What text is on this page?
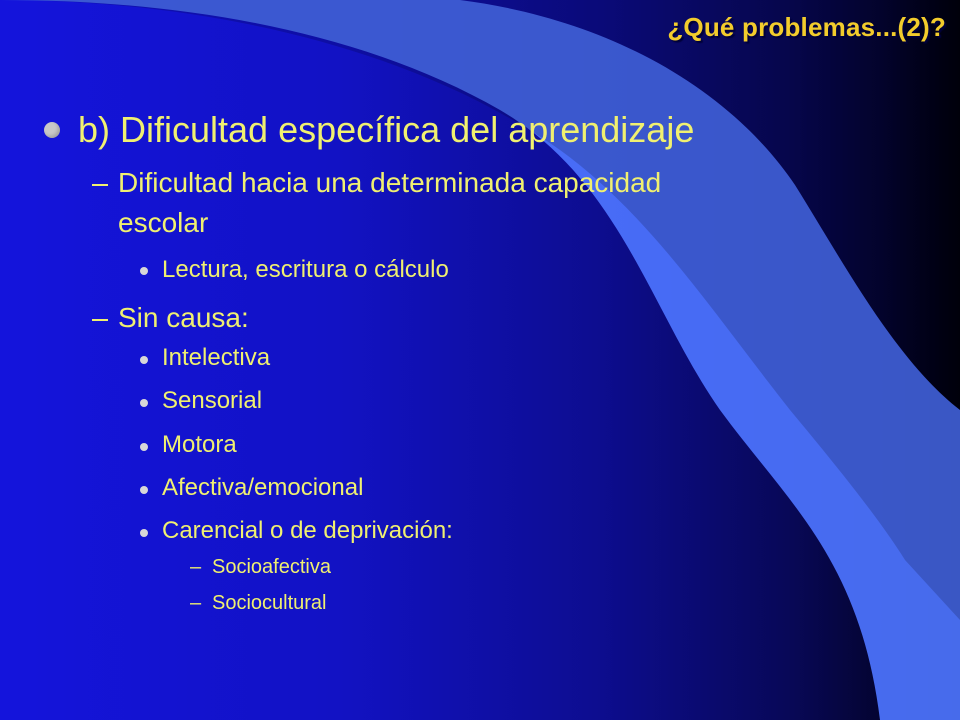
¿Qué problemas...(2)?
b) Dificultad específica del aprendizaje
Dificultad hacia una determinada capacidad
escolar
Lectura, escritura o cálculo
Sin causa:
Intelectiva
Sensorial
Motora
Afectiva/emocional
Carencial o de deprivación:
– Socioafectiva
– Sociocultural
